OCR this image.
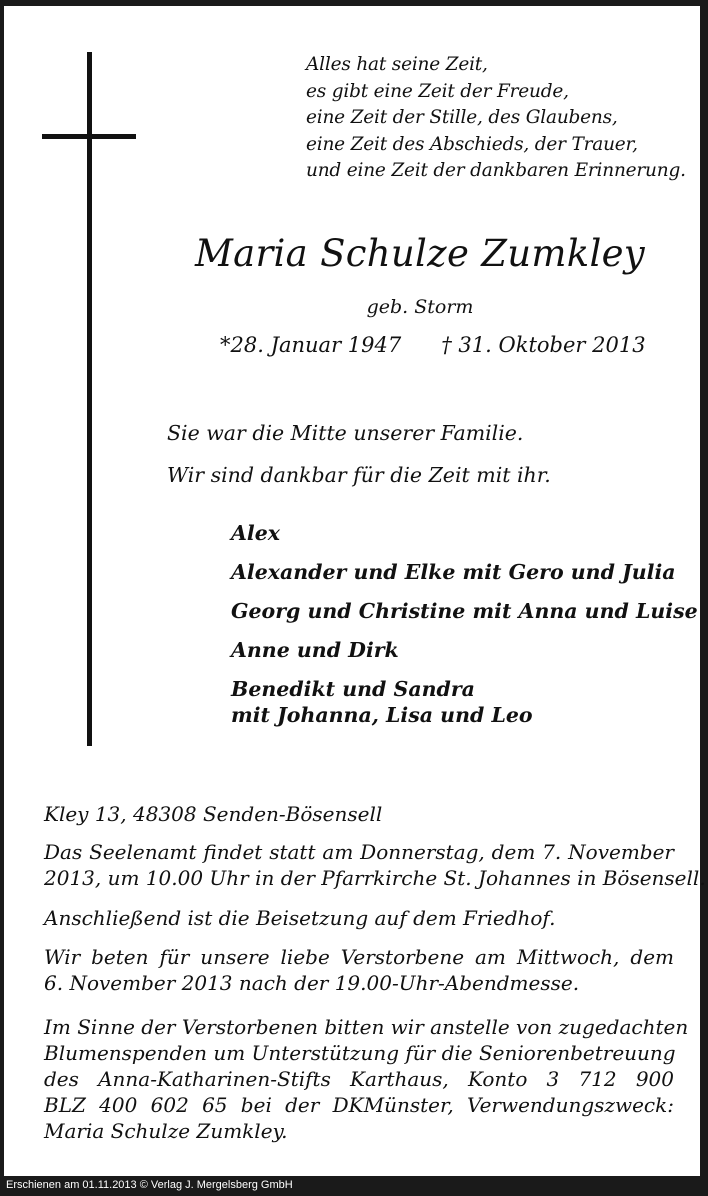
Alles hat seine Zeit,
es gibt eine Zeit der Freude,
eine Zeit der Stille, des Glaubens,
eine Zeit des Abschieds, der Trauer,
und eine Zeit der dankbaren Erinnerung.
Maria Schulze Zumkley
geb. Storm
*28. Januar 1947 † 31. Oktober 2013
Sie war die Mitte unserer Familie.
Wir sind dankbar für die Zeit mit ihr.
Alex
Alexander und Elke mit Gero und Julia
Georg und Christine mit Anna und Luise
Anne und Dirk
Benedikt und Sandra
mit Johanna, Lisa und Leo
Kley 13, 48308 Senden-Bösensell
Das Seelenamt findet statt am Donnerstag, dem 7. November
2013, um 10.00 Uhr in der Pfarrkirche St. Johannes in Bösensell.
Anschließend ist die Beisetzung auf dem Friedhof.
Wir beten für unsere liebe Verstorbene am Mittwoch, dem
6. November 2013 nach der 19.00-Uhr-Abendmesse.
Im Sinne der Verstorbenen bitten wir anstelle von zugedachten
Blumenspenden um Unterstützung für die Seniorenbetreuung
des Anna-Katharinen-Stifts Karthaus, Konto 3 712 900
BLZ 400 602 65 bei der DKMünster, Verwendungszweck:
Maria Schulze Zumkley.
Erschienen am 01.11.2013 © Verlag J. Mergelsberg GmbH
